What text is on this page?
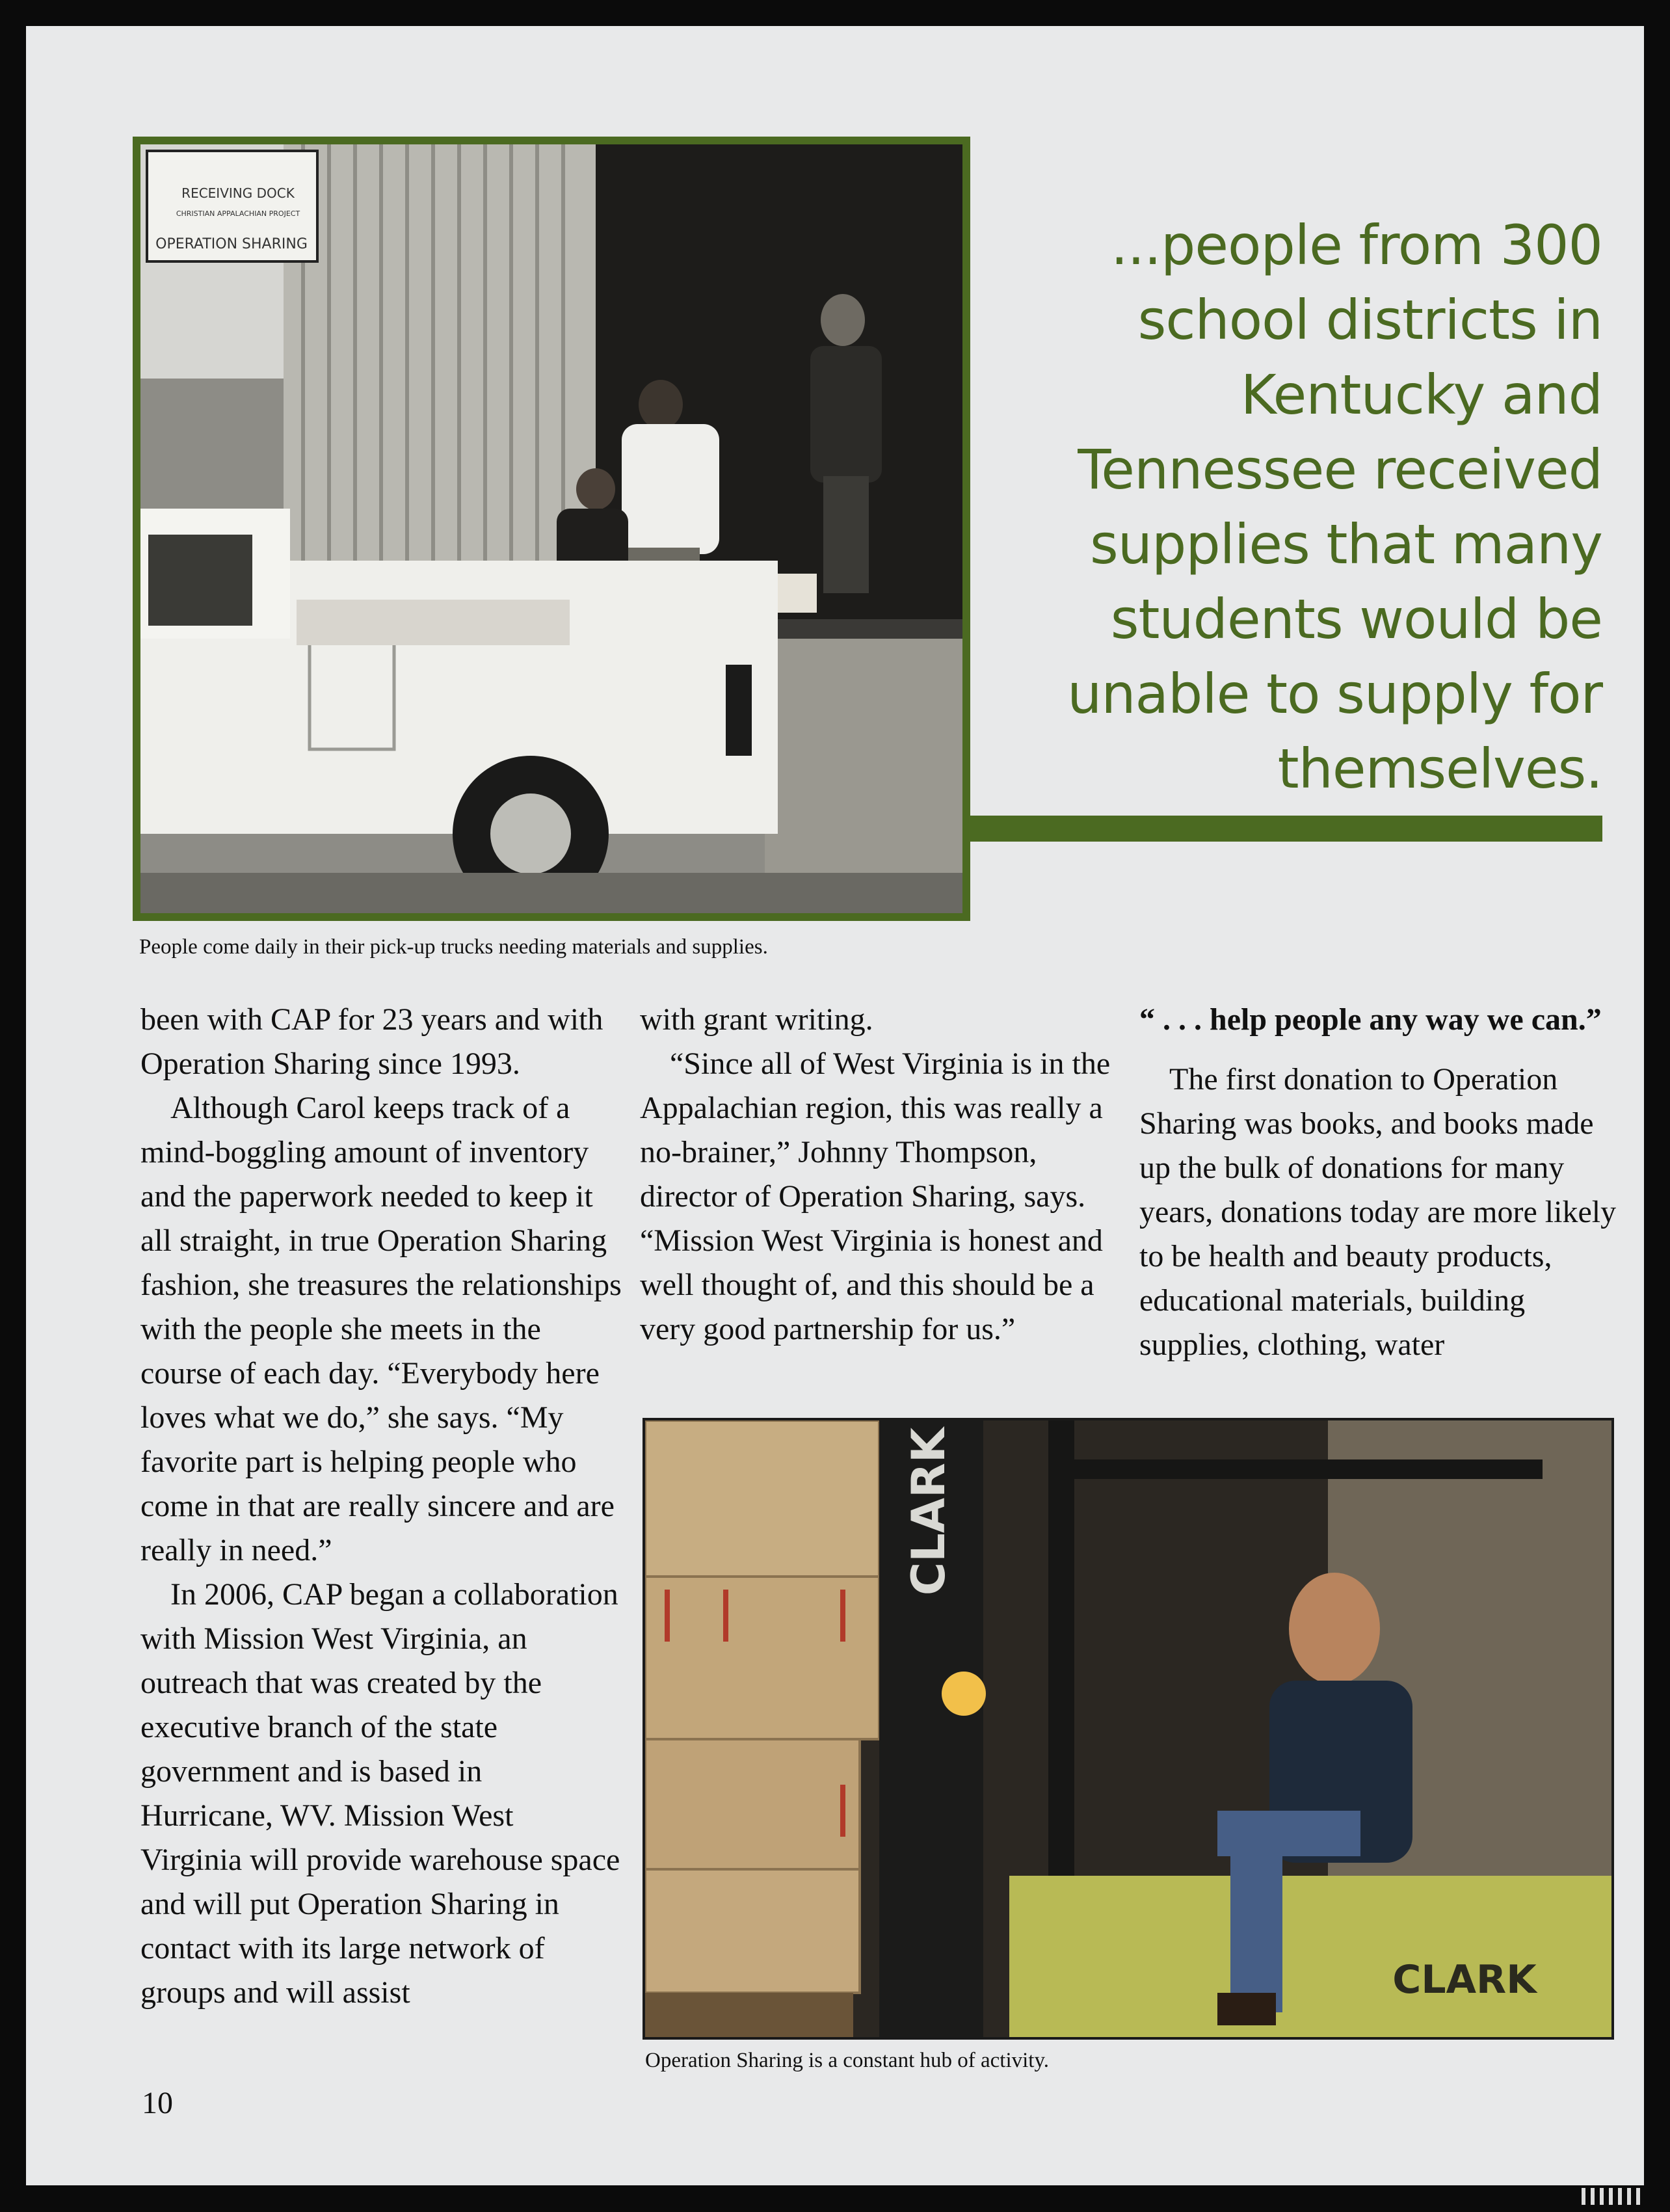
RECEIVING DOCK
CHRISTIAN APPALACHIAN PROJECT
OPERATION SHARING
People come daily in their pick-up trucks needing materials and supplies.
...people from 300 school districts in Kentucky and Tennessee received supplies that many students would be unable to supply for themselves.

been with CAP for 23 years and with Operation Sharing since 1993.

Although Carol keeps track of a mind-boggling amount of inventory and the paperwork needed to keep it all straight, in true Operation Sharing fashion, she treasures the relationships with the people she meets in the course of each day. “Everybody here loves what we do,” she says. “My favorite part is helping people who come in that are really sincere and are really in need.”

In 2006, CAP began a collaboration with Mission West Virginia, an outreach that was created by the executive branch of the state government and is based in Hurricane, WV. Mission West Virginia will provide warehouse space and will put Operation Sharing in contact with its large network of groups and will assist

with grant writing.

“Since all of West Virginia is in the Appalachian region, this was really a no-brainer,” Johnny Thompson, director of Operation Sharing, says. “Mission West Virginia is honest and well thought of, and this should be a very good partnership for us.”

“ . . . help people any way we can.”

The first donation to Operation Sharing was books, and books made up the bulk of donations for many years, donations today are more likely to be health and beauty products, educational materials, building supplies, clothing, water

CLARK
CLARK
Operation Sharing is a constant hub of activity.
10
